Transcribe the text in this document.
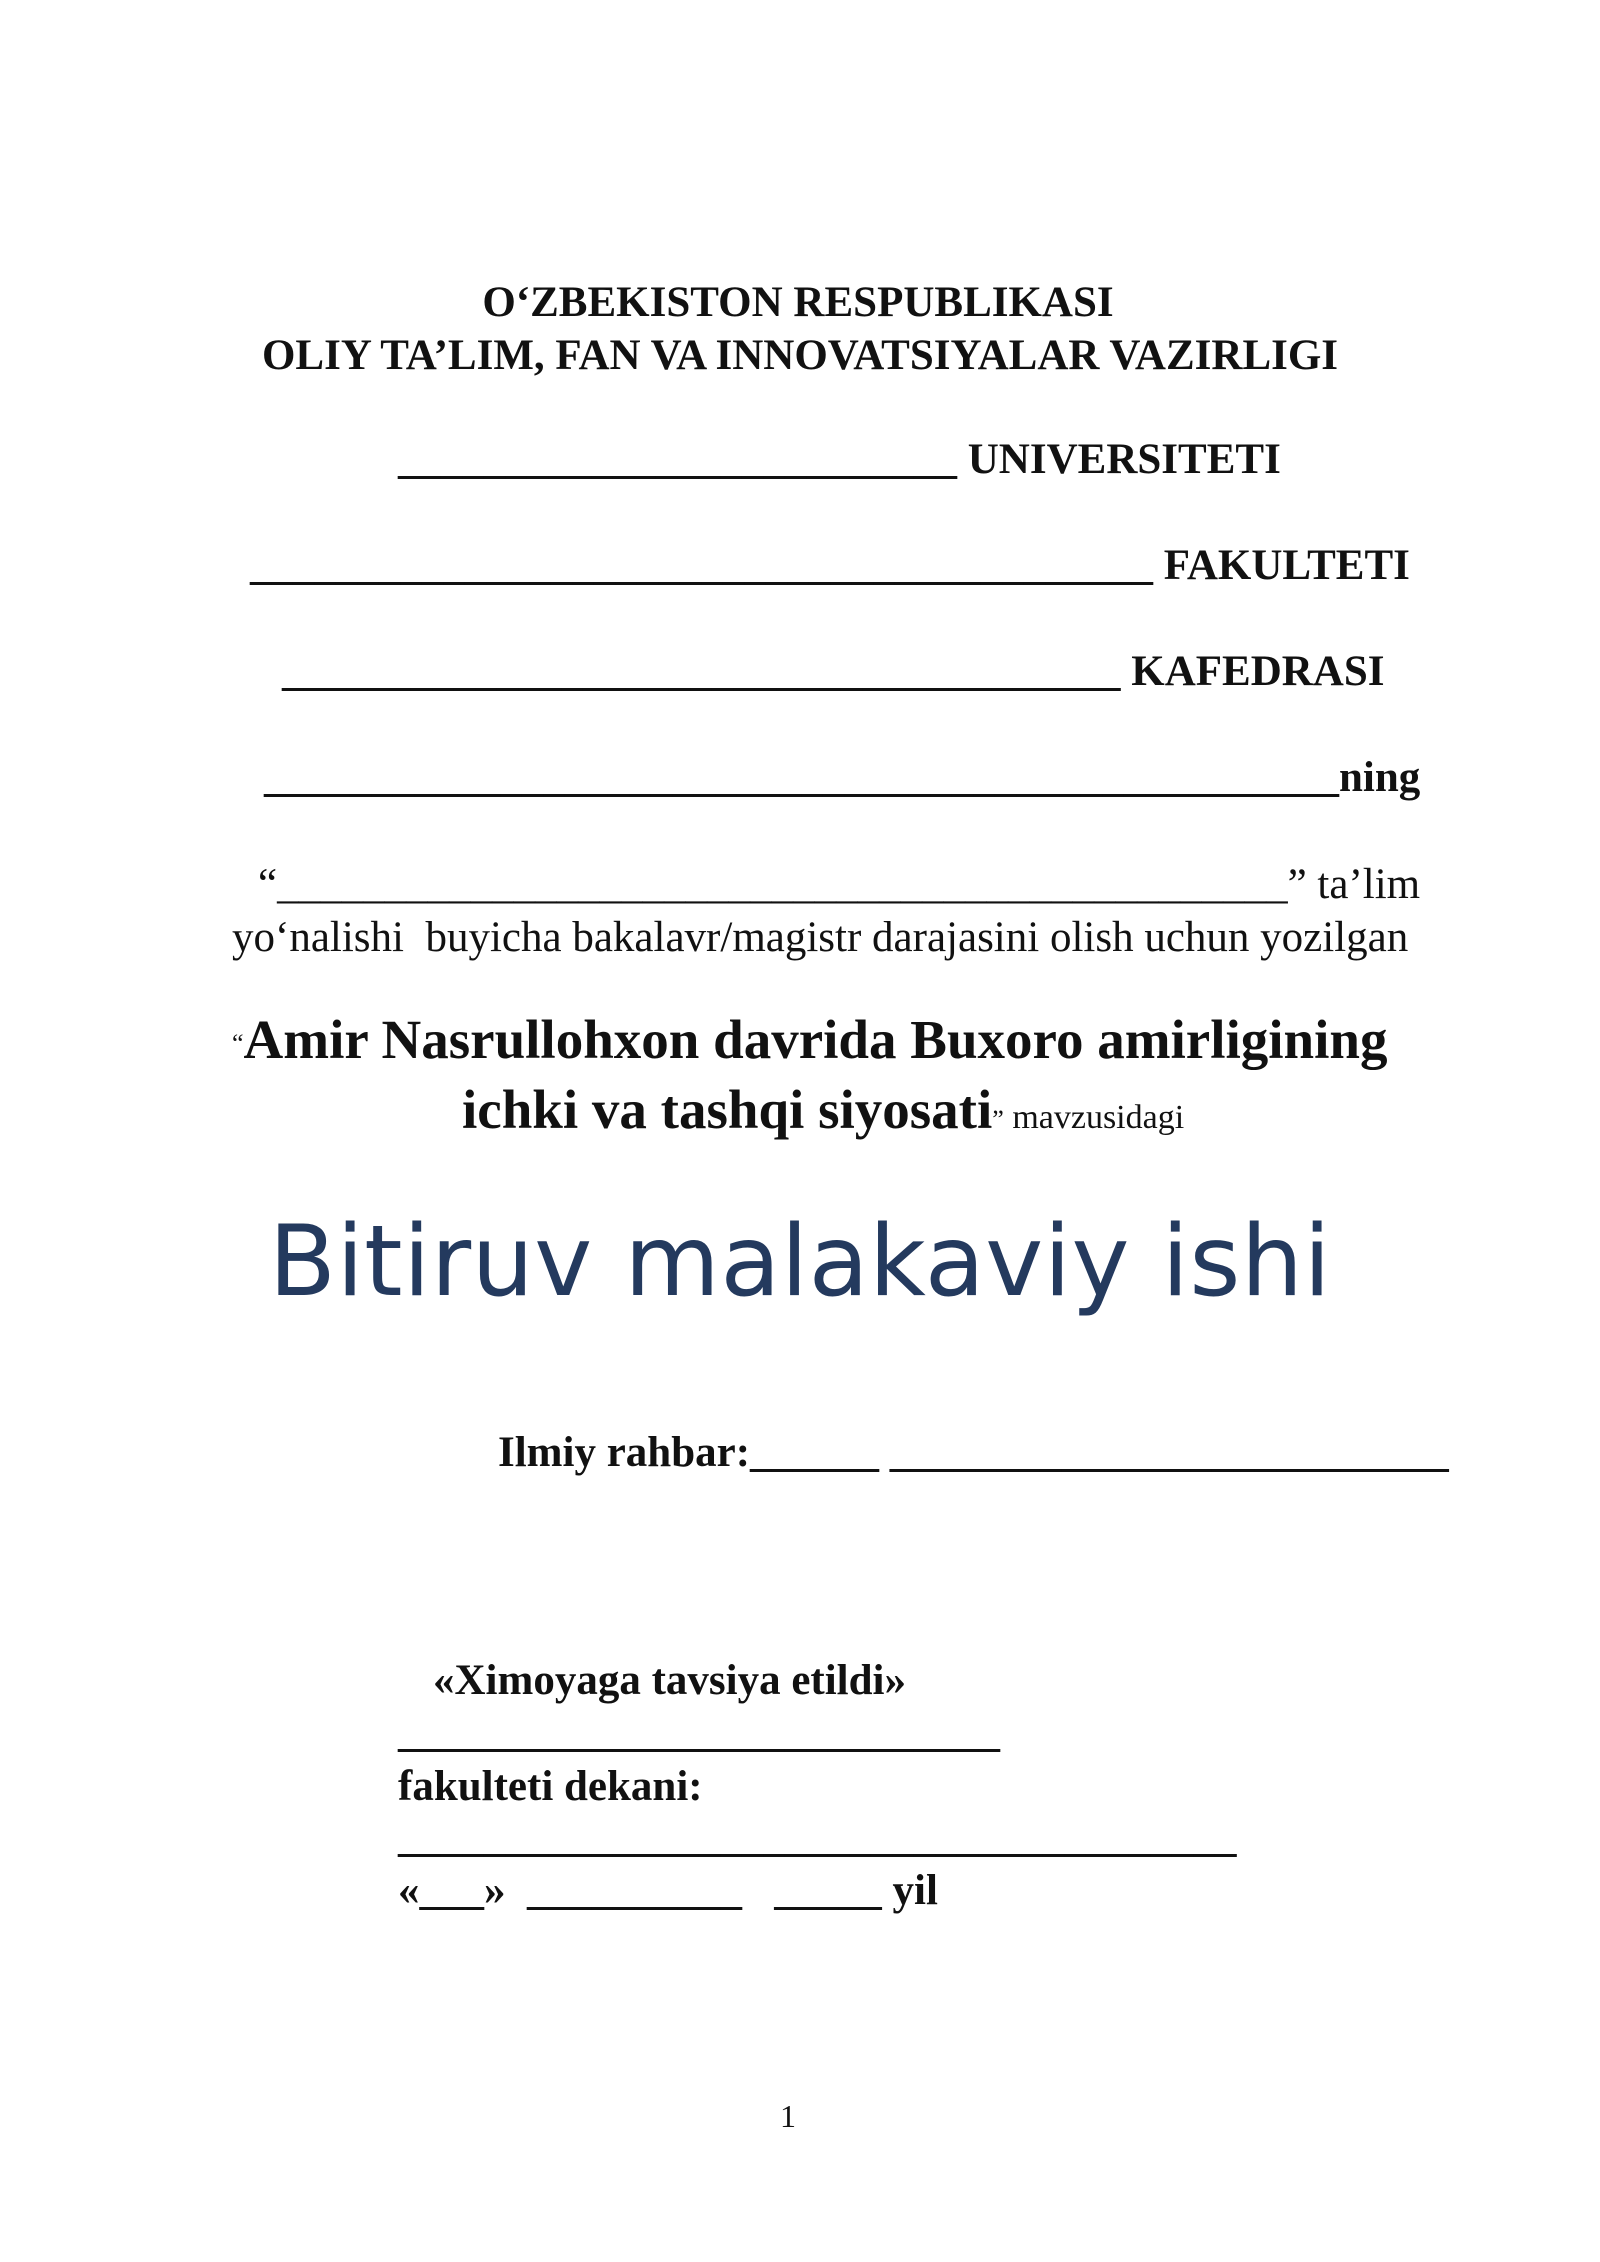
O‘ZBEKISTON RESPUBLIKASI
OLIY TA’LIM, FAN VA INNOVATSIYALAR VAZIRLIGI
__________________________ UNIVERSITETI
__________________________________________ FAKULTETI
_______________________________________ KAFEDRASI
__________________________________________________ning
“_______________________________________________” ta’lim
yo‘nalishi  buyicha bakalavr/magistr darajasini olish uchun yozilgan
“Amir Nasrullohxon davrida Buxoro amirligining
ichki va tashqi siyosati” mavzusidagi
Bitiruv malakaviy ishi
Ilmiy rahbar:______ __________________________
«Ximoyaga tavsiya etildi»
____________________________
fakulteti dekani:
_______________________________________
«___»  __________   _____ yil
1
